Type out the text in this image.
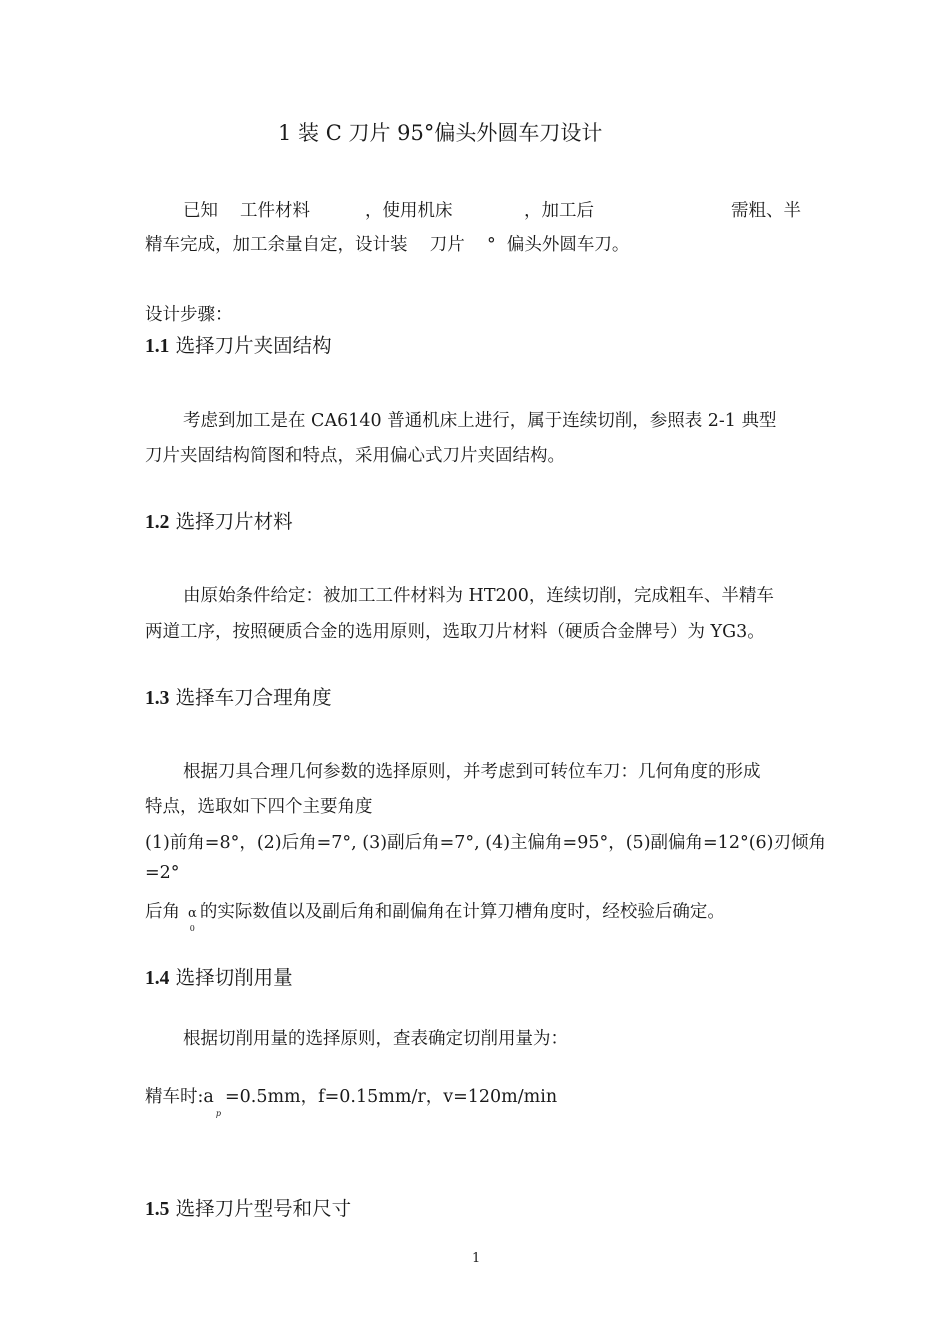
1 装 C 刀片 95°偏头外圆车刀设计
已知 工件材料	，使用机床	，加工后	需粗、半
精车完成，加工余量自定，设计装    刀片    °  偏头外圆车刀。
设计步骤：
1.1 选择刀片夹固结构
考虑到加工是在 CA6140 普通机床上进行，属于连续切削，参照表 2-1 典型
刀片夹固结构简图和特点，采用偏心式刀片夹固结构。
1.2 选择刀片材料
由原始条件给定：被加工工件材料为 HT200，连续切削，完成粗车、半精车
两道工序，按照硬质合金的选用原则，选取刀片材料（硬质合金牌号）为 YG3。
1.3 选择车刀合理角度
根据刀具合理几何参数的选择原则，并考虑到可转位车刀：几何角度的形成
特点，选取如下四个主要角度
(1)前角=8°，(2)后角=7°, (3)副后角=7°, (4)主偏角=95°，(5)副偏角=12°(6)刃倾角
=2°
后角 $\alpha_0$的实际数值以及副后角和副偏角在计算刀槽角度时，经校验后确定。
1.4 选择切削用量
根据切削用量的选择原则，查表确定切削用量为：
精车时$:a_p=0.5mm$，f=0.15mm/r，v=120m/min
1.5 选择刀片型号和尺寸
1
